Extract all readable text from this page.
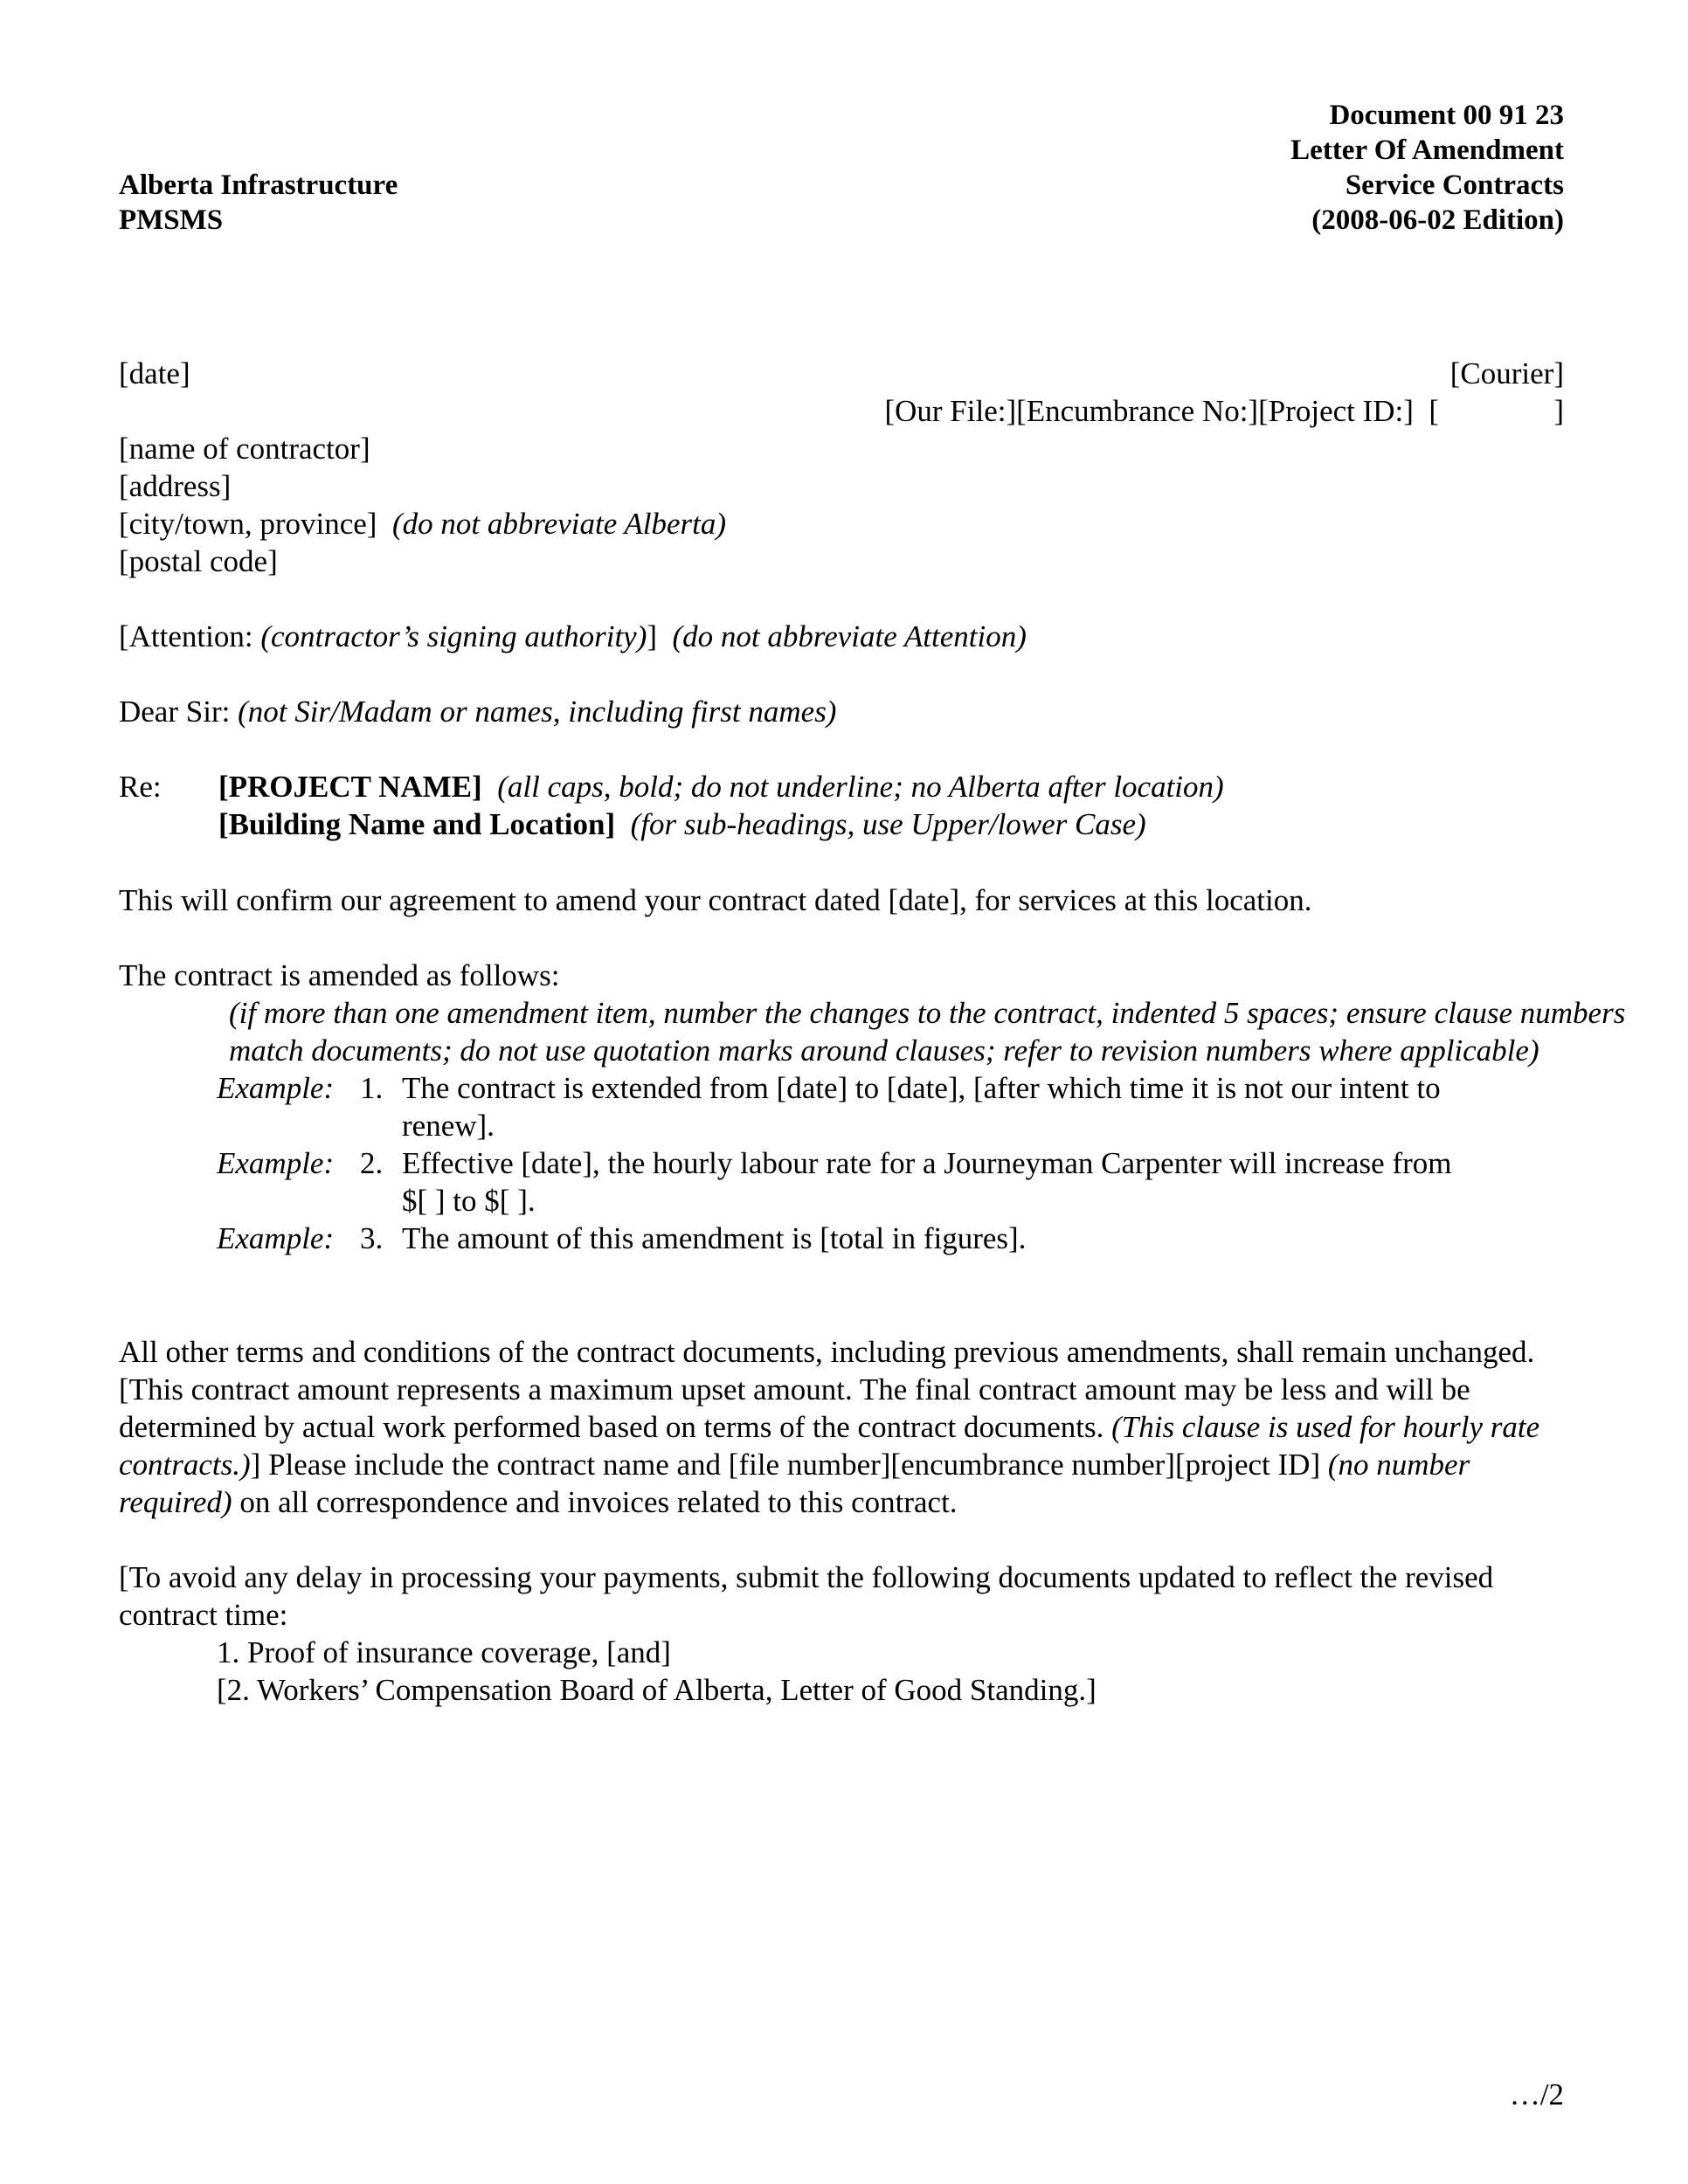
Document 00 91 23
Letter Of Amendment
Service Contracts
(2008-06-02 Edition)
Alberta Infrastructure
PMSMS
[date]	[Courier]
[Our File:][Encumbrance No:][Project ID:]  [               ]
[name of contractor]
[address]
[city/town, province] (do not abbreviate Alberta)
[postal code]
[Attention: (contractor’s signing authority)] (do not abbreviate Attention)
Dear Sir: (not Sir/Madam or names, including first names)
Re: [PROJECT NAME] (all caps, bold; do not underline; no Alberta after location)
[Building Name and Location] (for sub-headings, use Upper/lower Case)
This will confirm our agreement to amend your contract dated [date], for services at this location.
The contract is amended as follows:
(if more than one amendment item, number the changes to the contract, indented 5 spaces; ensure clause numbers match documents; do not use quotation marks around clauses; refer to revision numbers where applicable)
Example: 1. The contract is extended from [date] to [date], [after which time it is not our intent to
renew].
Example: 2. Effective [date], the hourly labour rate for a Journeyman Carpenter will increase from
$[ ] to $[ ].
Example: 3. The amount of this amendment is [total in figures].
All other terms and conditions of the contract documents, including previous amendments, shall remain unchanged. [This contract amount represents a maximum upset amount. The final contract amount may be less and will be determined by actual work performed based on terms of the contract documents. (This clause is used for hourly rate contracts.)] Please include the contract name and [file number][encumbrance number][project ID] (no number required) on all correspondence and invoices related to this contract.
[To avoid any delay in processing your payments, submit the following documents updated to reflect the revised contract time:
1. Proof of insurance coverage, [and]
[2. Workers’ Compensation Board of Alberta, Letter of Good Standing.]
…/2
